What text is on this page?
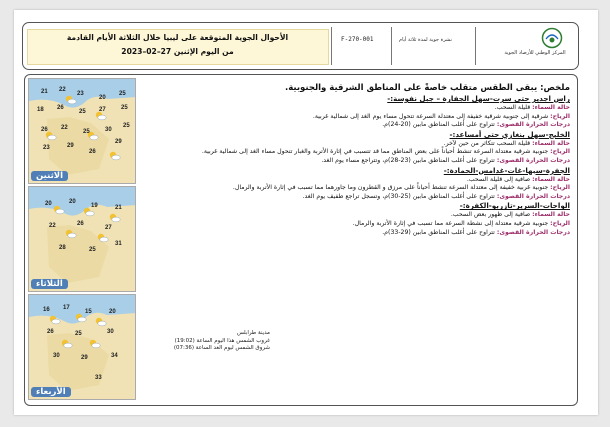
الأحوال الجوية المتوقعة على ليبيا خلال الثلاثة الأيام القادمة
من اليوم الإثنين 27–02–2023
F-270-001	نشرة جوية لمدة ثلاثة أيام
المركز الوطني للأرصاد الجوية
21 22
23
20
25
18 26
25 27	25
26 22
25	30
25
23	29
26
29
الاثنين
20	20
19	21
22	26
27
28	25
31
الثلاثاء
16 17
15	20
26	25	30
30	29	34
33
الأربعاء
مدينة طرابلس
غروب الشمس هذا اليوم الساعة (19:02)
شروق الشمس ليوم الغد الساعة (07:36)

ملخص: يبقى الطقس متقلب خاصةً على المناطق الشرقية والجنوبية.

راس اجدير حتى سرت-سهل الجفارة – جبل نفوسة:-

حالة السماء: قليلة السحب.

الرياح: شرقية إلى جنوبية شرقية خفيفة إلى معتدلة السرعة تتحول مساء يوم الغد إلى شمالية غربية.

درجات الحرارة القصوى: تتراوح على أغلب المناطق مابين (20-24)م.

الخليج-سهل بنغازي حتى أمساعد:-

حالة السماء: قليلة السحب تتكاثر من حين لآخر.

الرياح: جنوبية شرقية معتدلة السرعة تنشط أحياناً على بعض المناطق مما قد تتسبب في إثارة الأتربة والغبار تتحول مساء الغد إلى شمالية غربية.

درجات الحرارة القصوى: تتراوح على أغلب المناطق مابين (23-28)م، وتتراجع مساء يوم الغد.

الجفرة-سبها-غات-غدامس-الحمادة:-

حالة السماء: صافية إلى قليلة السحب.

الرياح: جنوبية غربية خفيفة إلى معتدلة السرعة تنشط أحياناً على مرزق و القطرون وما جاورهما مما تسبب في إثارة الأتربة والرمال.

درجات الحرارة القصوى: تتراوح على أغلب المناطق مابين (25-30)م، وتسجل تراجع طفيف يوم الغد.

الواحات-السرير-تازربو-الكفرة:-

حالة السماء: صافية إلى ظهور بعض السحب.

الرياح: جنوبية شرقية معتدلة إلى نشطة السرعة مما تسبب في إثارة الأتربة والرمال.

درجات الحرارة القصوى: تتراوح على أغلب المناطق مابين (29-33)م.
